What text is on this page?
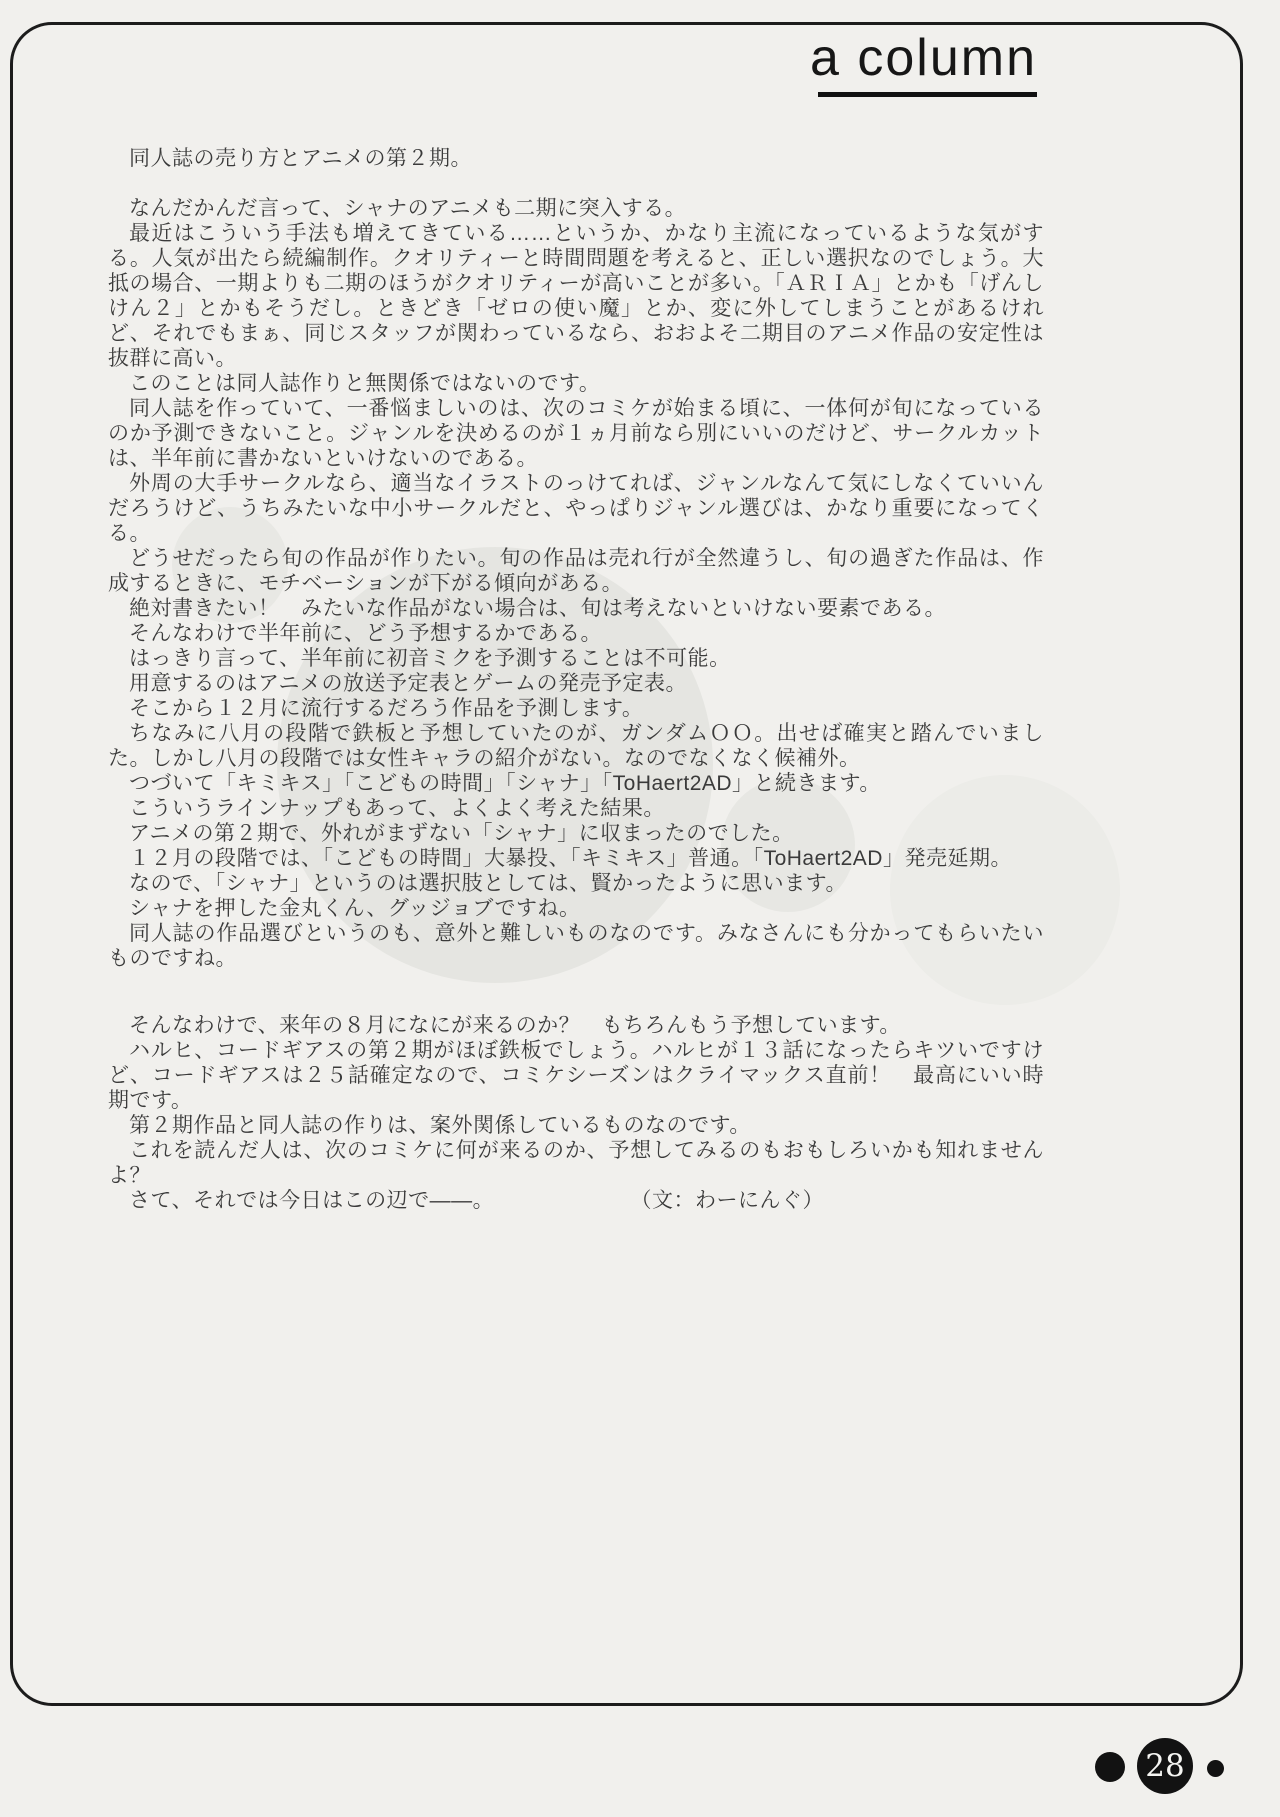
a column

同人誌の売り方とアニメの第２期。

なんだかんだ言って、シャナのアニメも二期に突入する。

最近はこういう手法も増えてきている……というか、かなり主流になっているような気がする。人気が出たら続編制作。クオリティーと時間問題を考えると、正しい選択なのでしょう。大抵の場合、一期よりも二期のほうがクオリティーが高いことが多い。「ＡＲＩＡ」とかも「げんしけん２」とかもそうだし。ときどき「ゼロの使い魔」とか、変に外してしまうことがあるけれど、それでもまぁ、同じスタッフが関わっているなら、おおよそ二期目のアニメ作品の安定性は抜群に高い。

このことは同人誌作りと無関係ではないのです。

同人誌を作っていて、一番悩ましいのは、次のコミケが始まる頃に、一体何が旬になっているのか予測できないこと。ジャンルを決めるのが１ヵ月前なら別にいいのだけど、サークルカットは、半年前に書かないといけないのである。

外周の大手サークルなら、適当なイラストのっけてれば、ジャンルなんて気にしなくていいんだろうけど、うちみたいな中小サークルだと、やっぱりジャンル選びは、かなり重要になってくる。

どうせだったら旬の作品が作りたい。旬の作品は売れ行が全然違うし、旬の過ぎた作品は、作成するときに、モチベーションが下がる傾向がある。

絶対書きたい！　みたいな作品がない場合は、旬は考えないといけない要素である。

そんなわけで半年前に、どう予想するかである。

はっきり言って、半年前に初音ミクを予測することは不可能。

用意するのはアニメの放送予定表とゲームの発売予定表。

そこから１２月に流行するだろう作品を予測します。

ちなみに八月の段階で鉄板と予想していたのが、ガンダムＯＯ。出せば確実と踏んでいました。しかし八月の段階では女性キャラの紹介がない。なのでなくなく候補外。

つづいて「キミキス」「こどもの時間」「シャナ」「ToHaert2AD」と続きます。

こういうラインナップもあって、よくよく考えた結果。

アニメの第２期で、外れがまずない「シャナ」に収まったのでした。

１２月の段階では、「こどもの時間」大暴投、「キミキス」普通。「ToHaert2AD」発売延期。

なので、「シャナ」というのは選択肢としては、賢かったように思います。

シャナを押した金丸くん、グッジョブですね。

同人誌の作品選びというのも、意外と難しいものなのです。みなさんにも分かってもらいたいものですね。

そんなわけで、来年の８月になにが来るのか？　もちろんもう予想しています。

ハルヒ、コードギアスの第２期がほぼ鉄板でしょう。ハルヒが１３話になったらキツいですけど、コードギアスは２５話確定なので、コミケシーズンはクライマックス直前！　最高にいい時期です。

第２期作品と同人誌の作りは、案外関係しているものなのです。

これを読んだ人は、次のコミケに何が来るのか、予想してみるのもおもしろいかも知れませんよ？

さて、それでは今日はこの辺で――。	（文：わーにんぐ）

28
